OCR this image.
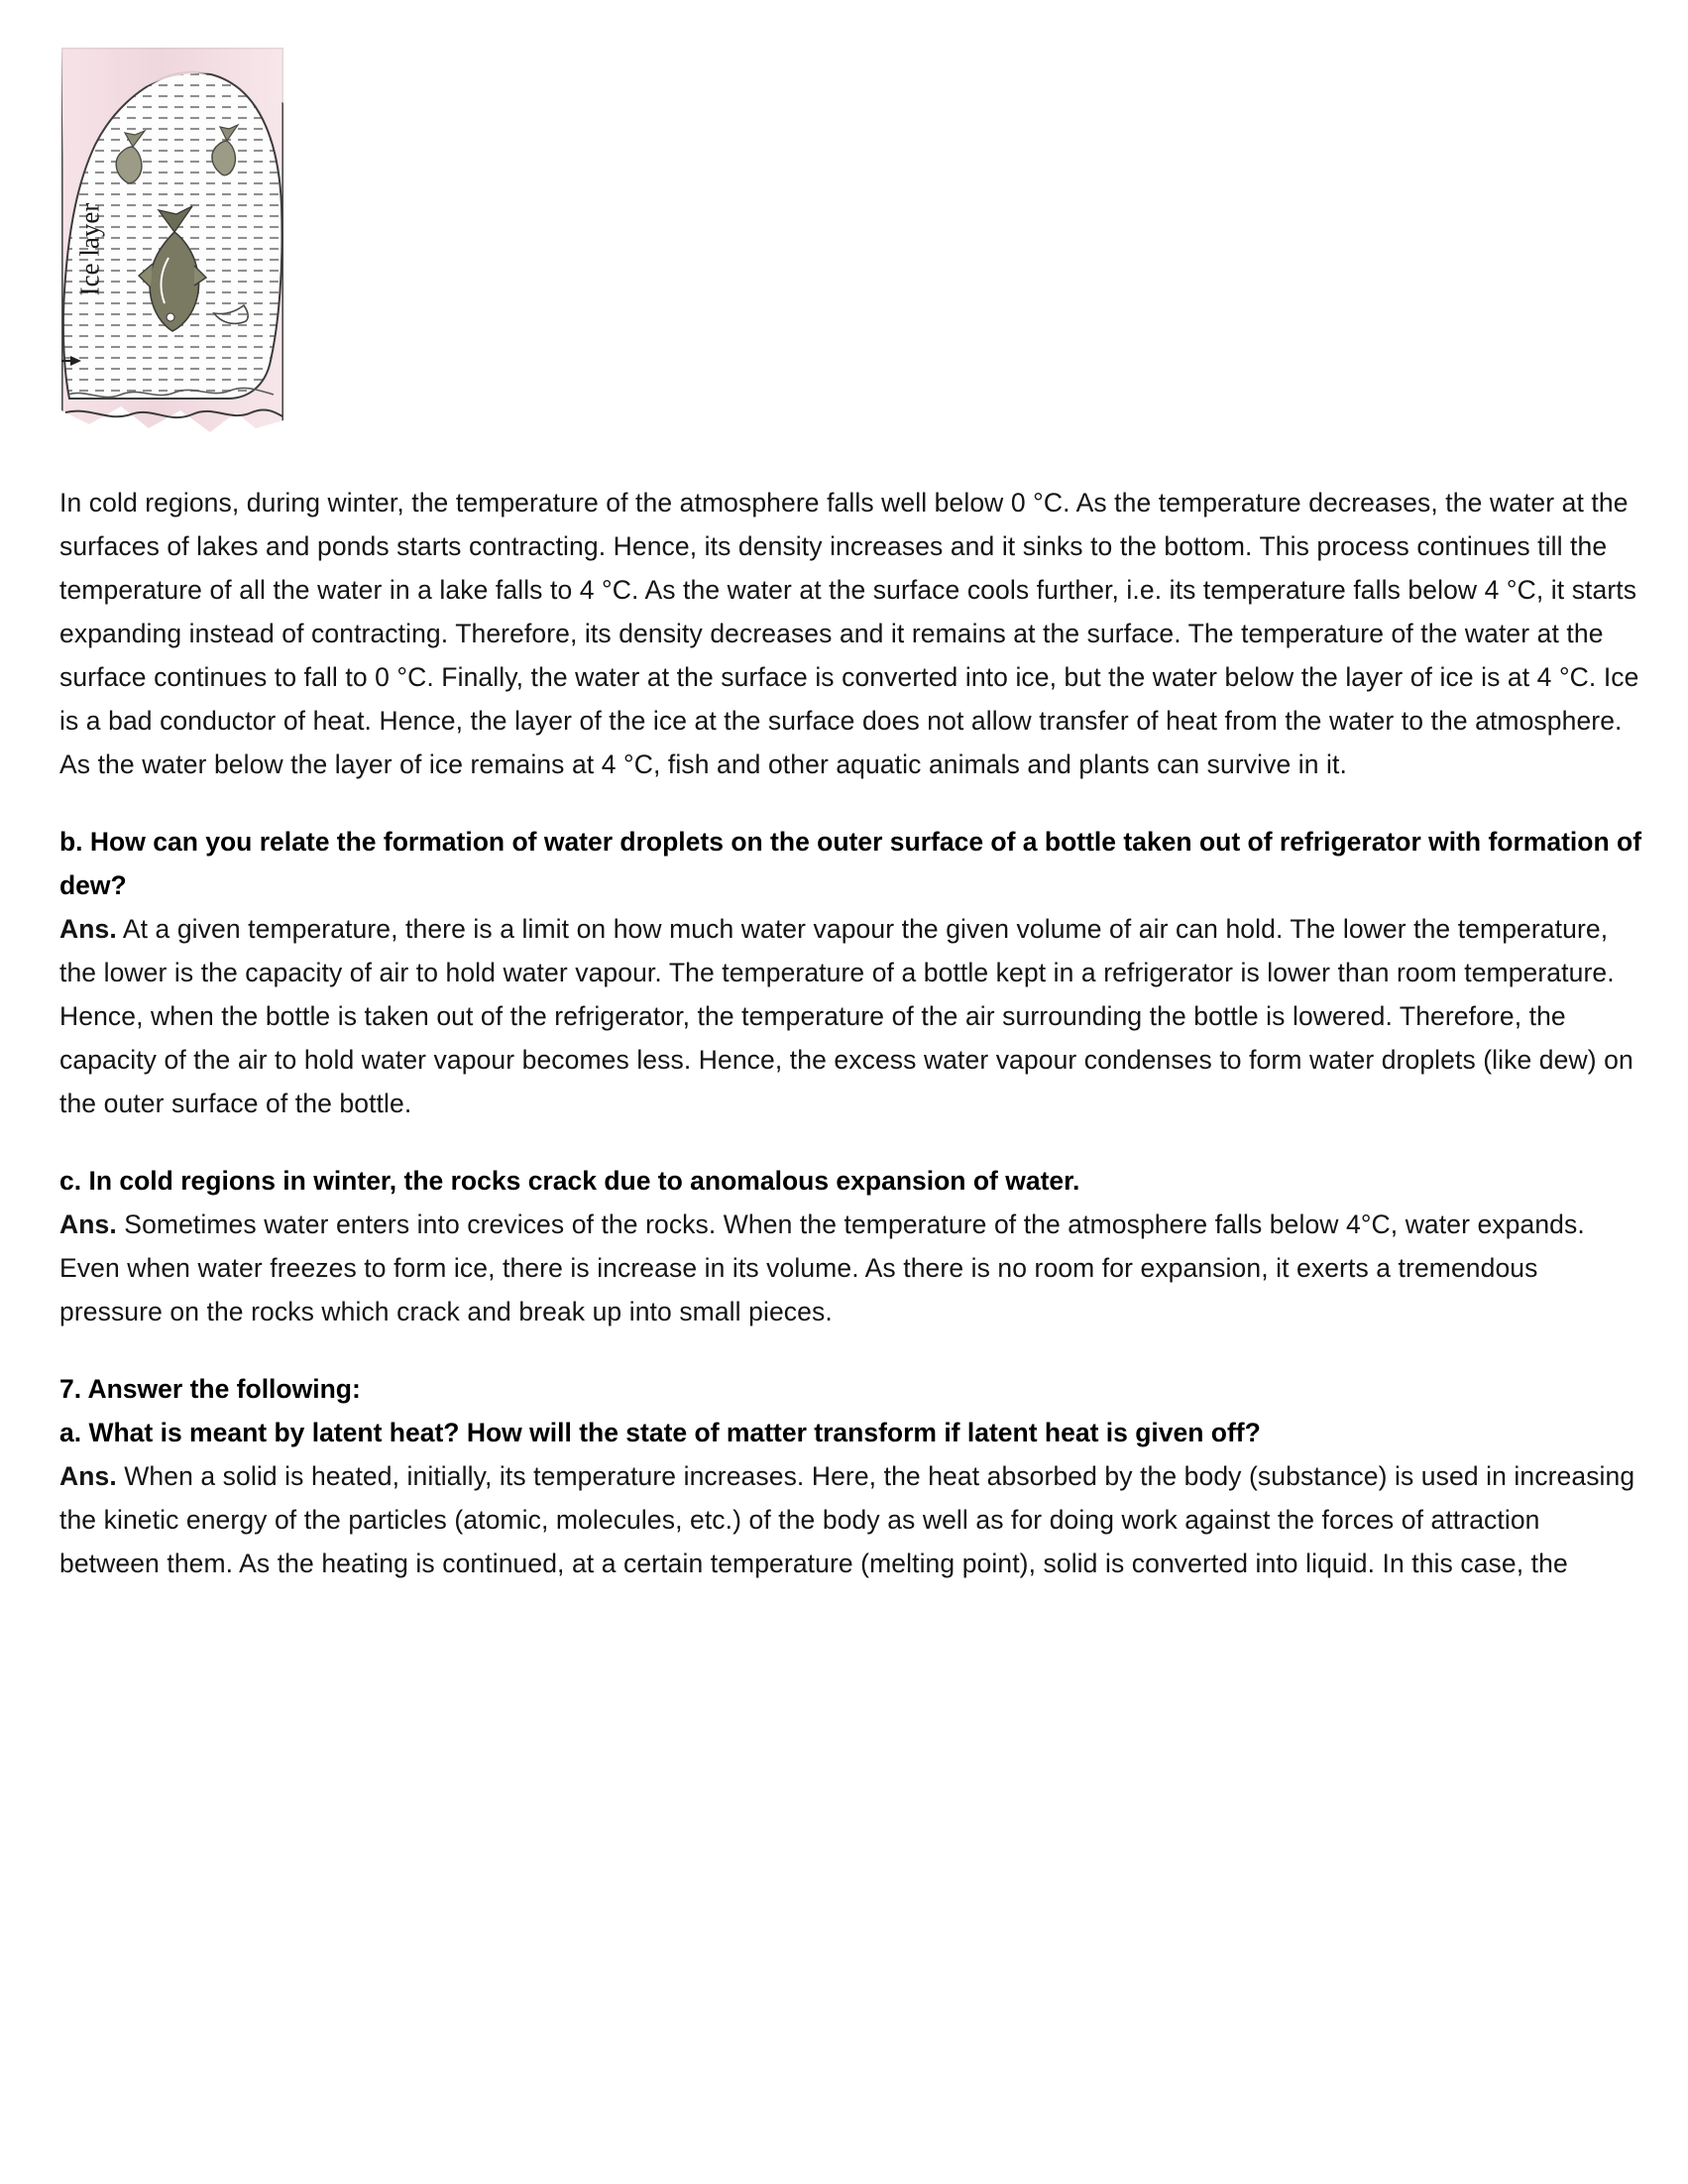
Ice layer

In cold regions, during winter, the temperature of the atmosphere falls well below 0 °C. As the temperature decreases, the water at the surfaces of lakes and ponds starts contracting. Hence, its density increases and it sinks to the bottom. This process continues till the temperature of all the water in a lake falls to 4 °C. As the water at the surface cools further, i.e. its temperature falls below 4 °C, it starts expanding instead of contracting. Therefore, its density decreases and it remains at the surface. The temperature of the water at the surface continues to fall to 0 °C. Finally, the water at the surface is converted into ice, but the water below the layer of ice is at 4 °C. Ice is a bad conductor of heat. Hence, the layer of the ice at the surface does not allow transfer of heat from the water to the atmosphere. As the water below the layer of ice remains at 4 °C, fish and other aquatic animals and plants can survive in it.

b. How can you relate the formation of water droplets on the outer surface of a bottle taken out of refrigerator with formation of dew?

Ans. At a given temperature, there is a limit on how much water vapour the given volume of air can hold. The lower the temperature, the lower is the capacity of air to hold water vapour. The temperature of a bottle kept in a refrigerator is lower than room temperature. Hence, when the bottle is taken out of the refrigerator, the temperature of the air surrounding the bottle is lowered. Therefore, the capacity of the air to hold water vapour becomes less. Hence, the excess water vapour condenses to form water droplets (like dew) on the outer surface of the bottle.

c. In cold regions in winter, the rocks crack due to anomalous expansion of water.

Ans. Sometimes water enters into crevices of the rocks. When the temperature of the atmosphere falls below 4°C, water expands. Even when water freezes to form ice, there is increase in its volume. As there is no room for expansion, it exerts a tremendous pressure on the rocks which crack and break up into small pieces.

7. Answer the following:

a. What is meant by latent heat? How will the state of matter transform if latent heat is given off?

Ans. When a solid is heated, initially, its temperature increases. Here, the heat absorbed by the body (substance) is used in increasing the kinetic energy of the particles (atomic, molecules, etc.) of the body as well as for doing work against the forces of attraction between them. As the heating is continued, at a certain temperature (melting point), solid is converted into liquid. In this case, the
